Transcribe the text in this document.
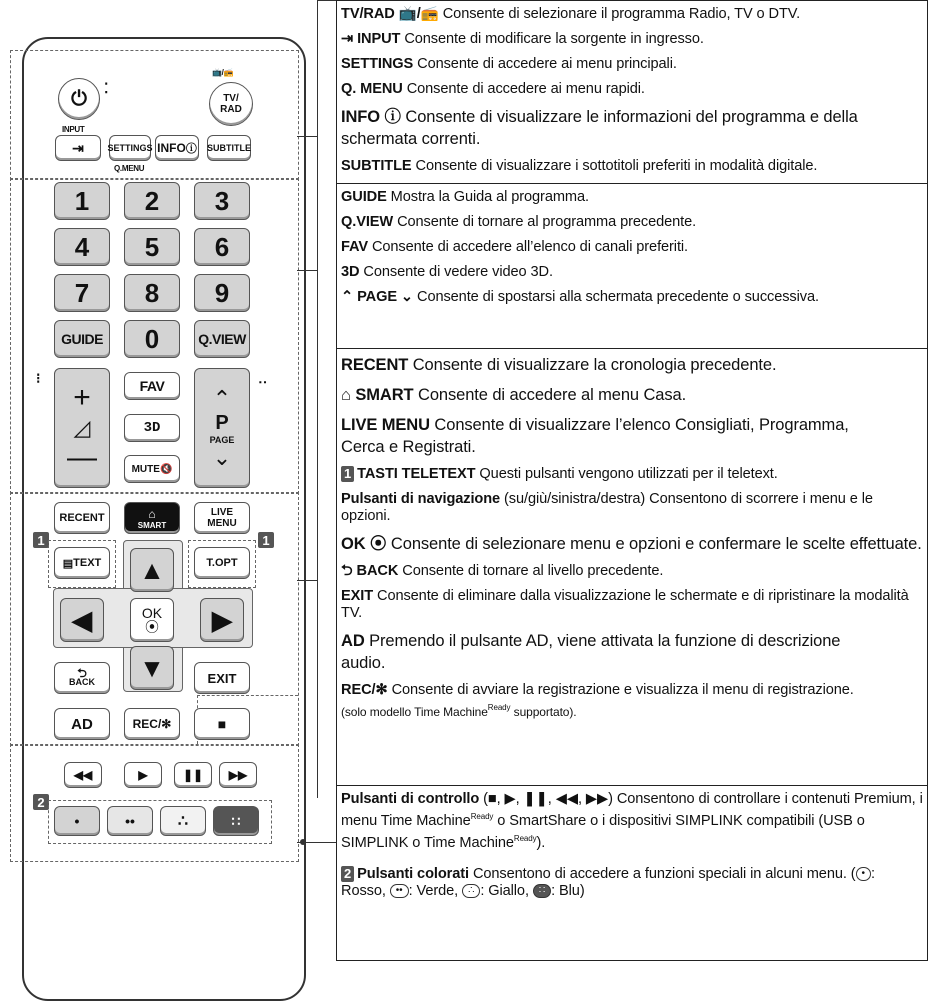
⏻ ⁚
📺/📻
TV/
RAD
INPUT
⇥	SETTINGS
Q.MENU
INFO ⓘ SUBTITLE
1	2	3
4	5	6
7	8	9
GUIDE	0	Q.VIEW
⁝
+
◿
—
FAV
3D
MUTE 🔇
⌃
P
PAGE
⌄
‥
RECENT	⌂
SMART
LIVE
MENU
1
▤ TEXT
1
T.OPT
▲
◀	OK
⦿ ▶
▼
⮌
BACK	EXIT
AD	REC/✻	■
◀◀	▶	❚❚ ▶▶
2
•	••	∴	∷
TV/RAD 📺/📻 Consente di selezionare il programma Radio, TV o DTV.
⇥ INPUT Consente di modificare la sorgente in ingresso.
SETTINGS Consente di accedere ai menu principali.
Q. MENU Consente di accedere ai menu rapidi.
INFO ⓘ Consente di visualizzare le informazioni del programma e della schermata correnti.
SUBTITLE Consente di visualizzare i sottotitoli preferiti in modalità digitale.
GUIDE Mostra la Guida al programma.
Q.VIEW Consente di tornare al programma precedente.
FAV Consente di accedere all’elenco di canali preferiti.
3D Consente di vedere video 3D.
⌃ PAGE ⌄ Consente di spostarsi alla schermata precedente o successiva.
RECENT Consente di visualizzare la cronologia precedente.
⌂ SMART Consente di accedere al menu Casa.
LIVE MENU Consente di visualizzare l’elenco Consigliati, Programma, Cerca e Registrati.
1 TASTI TELETEXT Questi pulsanti vengono utilizzati per il teletext.
Pulsanti di navigazione (su/giù/sinistra/destra) Consentono di scorrere i menu e le opzioni.
OK ⦿ Consente di selezionare menu e opzioni e confermare le scelte effettuate.
⮌ BACK Consente di tornare al livello precedente.
EXIT Consente di eliminare dalla visualizzazione le schermate e di ripristinare la modalità TV.
AD Premendo il pulsante AD, viene attivata la funzione di descrizione audio.
REC/✻ Consente di avviare la registrazione e visualizza il menu di registrazione.
(solo modello Time Machine$^{Ready}$ supportato).
Pulsanti di controllo (■, ▶, ❚❚, ◀◀, ▶▶) Consentono di controllare i contenuti Premium, i menu Time Machine$^{Ready}$ o SmartShare o i dispositivi SIMPLINK compatibili (USB o SIMPLINK o Time Machine$^{Ready}$).
2 Pulsanti colorati Consentono di accedere a funzioni speciali in alcuni menu. ( • : Rosso, •• : Verde, ∴ : Giallo, ∷ : Blu)
